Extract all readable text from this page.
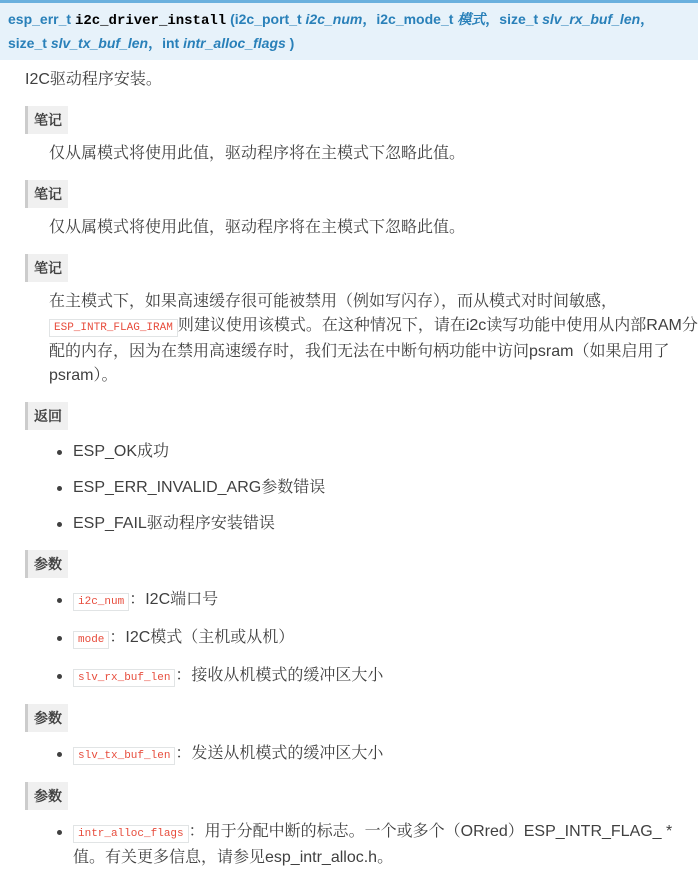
esp_err_t i2c_driver_install (i2c_port_t i2c_num，i2c_mode_t 模式，size_t slv_rx_buf_len，size_t slv_tx_buf_len，int intr_alloc_flags )

I2C驱动程序安装。

笔记

仅从属模式将使用此值，驱动程序将在主模式下忽略此值。

笔记

仅从属模式将使用此值，驱动程序将在主模式下忽略此值。

笔记

在主模式下，如果高速缓存很可能被禁用（例如写闪存），而从模式对时间敏感，ESP_INTR_FLAG_IRAM 则建议使用该模式。在这种情况下，请在i2c读写功能中使用从内部RAM分配的内存，因为在禁用高速缓存时，我们无法在中断句柄功能中访问psram（如果启用了psram）。

返回
ESP_OK成功
ESP_ERR_INVALID_ARG参数错误
ESP_FAIL驱动程序安装错误
参数
i2c_num ：I2C端口号
mode ：I2C模式（主机或从机）
slv_rx_buf_len ：接收从机模式的缓冲区大小
参数
slv_tx_buf_len ：发送从机模式的缓冲区大小
参数
intr_alloc_flags ：用于分配中断的标志。一个或多个（ORred）ESP_INTR_FLAG_ *值。有关更多信息，请参见esp_intr_alloc.h。
